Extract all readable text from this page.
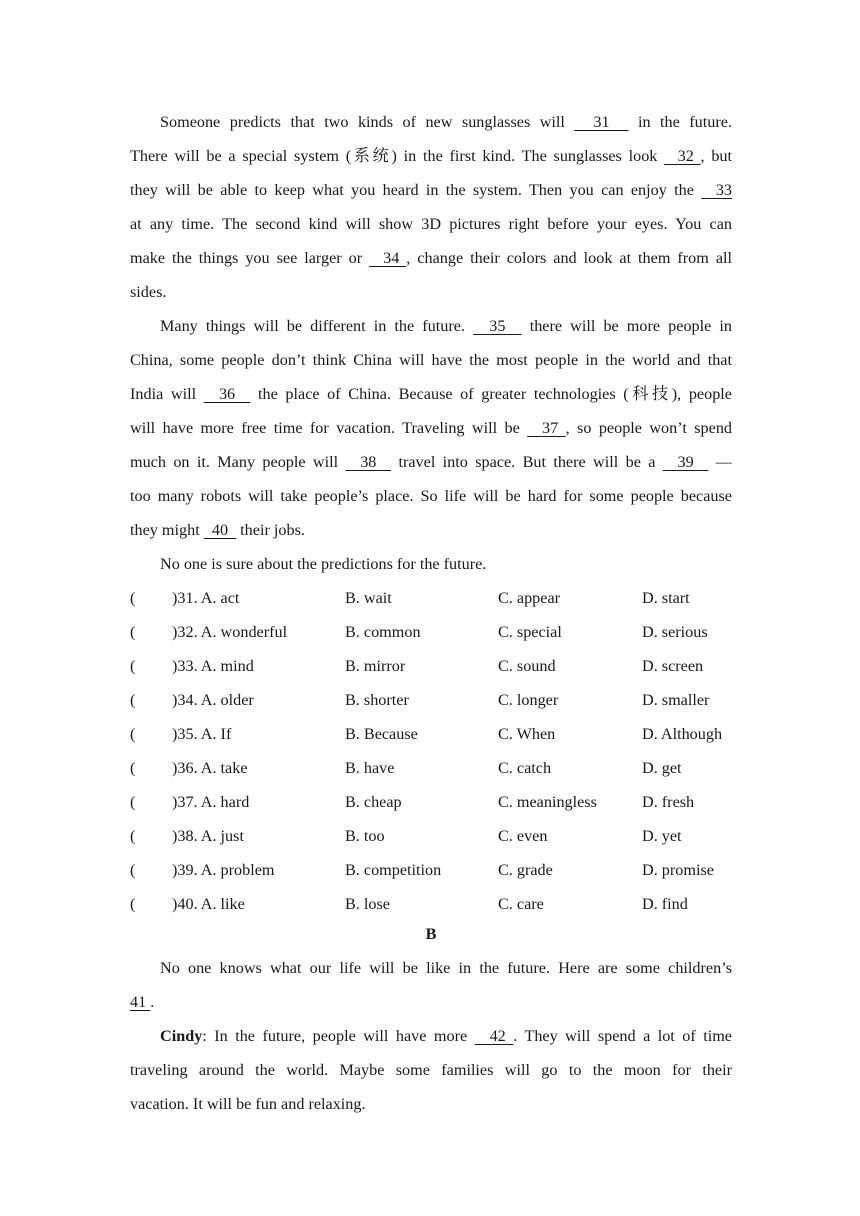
Someone predicts that two kinds of new sunglasses will   31   in the future.
There will be a special system (系统) in the first kind. The sunglasses look   32 , but
they will be able to keep what you heard in the system. Then you can enjoy the   33
at any time. The second kind will show 3D pictures right before your eyes. You can
make the things you see larger or   34 , change their colors and look at them from all
sides.
Many things will be different in the future.   35   there will be more people in
China, some people don’t think China will have the most people in the world and that
India will   36   the place of China. Because of greater technologies (科技), people
will have more free time for vacation. Traveling will be   37 , so people won’t spend
much on it. Many people will   38   travel into space. But there will be a   39   —
too many robots will take people’s place. So life will be hard for some people because
they might   40   their jobs.
No one is sure about the predictions for the future.
( )31. A. act	B. wait	C. appear	D. start
( )32. A. wonderful	B. common	C. special	D. serious
( )33. A. mind	B. mirror	C. sound	D. screen
( )34. A. older	B. shorter	C. longer	D. smaller
( )35. A. If	B. Because	C. When	D. Although
( )36. A. take	B. have	C. catch	D. get
( )37. A. hard	B. cheap	C. meaningless	D. fresh
( )38. A. just	B. too	C. even	D. yet
( )39. A. problem	B. competition	C. grade	D. promise
( )40. A. like	B. lose	C. care	D. find
B
No one knows what our life will be like in the future. Here are some children’s
41 .
Cindy: In the future, people will have more   42 . They will spend a lot of time
traveling around the world. Maybe some families will go to the moon for their
vacation. It will be fun and relaxing.
